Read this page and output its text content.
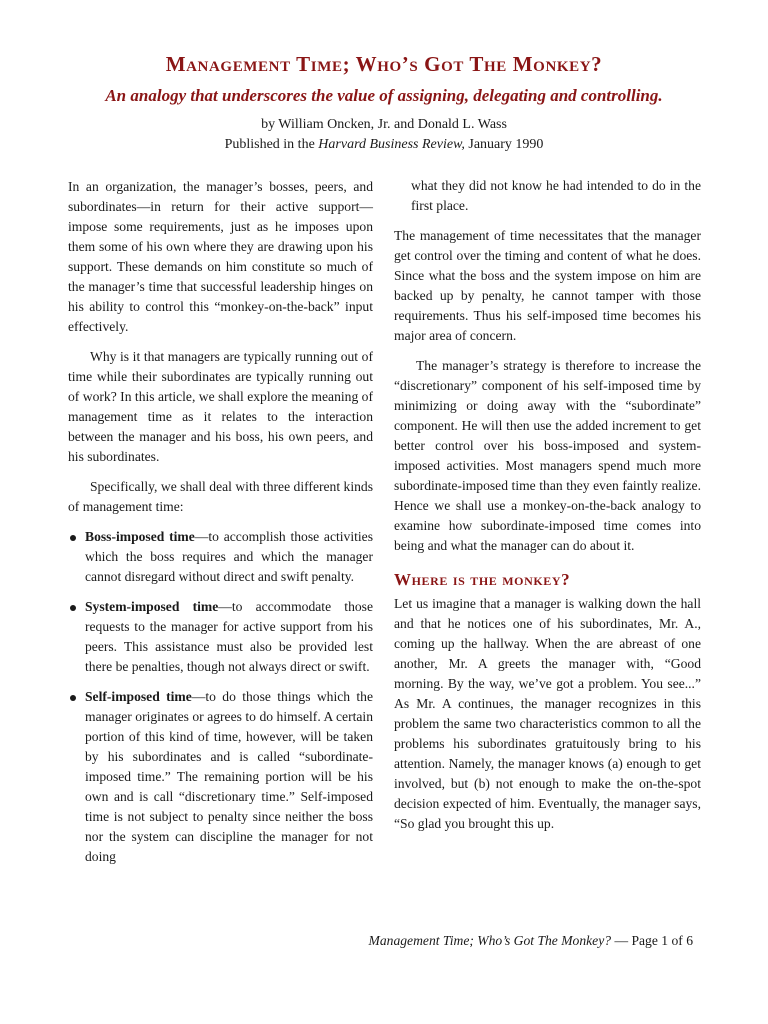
Management Time; Who’s Got The Monkey?
An analogy that underscores the value of assigning, delegating and controlling.
by William Oncken, Jr. and Donald L. Wass
Published in the Harvard Business Review, January 1990

In an organization, the manager’s bosses, peers, and subordinates—in return for their active support—impose some requirements, just as he imposes upon them some of his own where they are drawing upon his support. These demands on him constitute so much of the manager’s time that successful leadership hinges on his ability to control this “monkey-on-the-back” input effectively.

Why is it that managers are typically running out of time while their subordinates are typically running out of work? In this article, we shall explore the meaning of management time as it relates to the interaction between the manager and his boss, his own peers, and his subordinates.

Specifically, we shall deal with three different kinds of management time:

Boss-imposed time—to accomplish those activities which the boss requires and which the manager cannot disregard without direct and swift penalty.
System-imposed time—to accommodate those requests to the manager for active support from his peers. This assistance must also be provided lest there be penalties, though not always direct or swift.
Self-imposed time—to do those things which the manager originates or agrees to do himself. A certain portion of this kind of time, however, will be taken by his subordinates and is called “subordinate-imposed time.” The remaining portion will be his own and is call “discretionary time.” Self-imposed time is not subject to penalty since neither the boss nor the system can discipline the manager for not doing

what they did not know he had intended to do in the first place.

The management of time necessitates that the manager get control over the timing and content of what he does. Since what the boss and the system impose on him are backed up by penalty, he cannot tamper with those requirements. Thus his self-imposed time becomes his major area of concern.

The manager’s strategy is therefore to increase the “discretionary” component of his self-imposed time by minimizing or doing away with the “subordinate” component. He will then use the added increment to get better control over his boss-imposed and system-imposed activities. Most managers spend much more subordinate-imposed time than they even faintly realize. Hence we shall use a monkey-on-the-back analogy to examine how subordinate-imposed time comes into being and what the manager can do about it.

Where is the monkey?

Let us imagine that a manager is walking down the hall and that he notices one of his subordinates, Mr. A., coming up the hallway. When the are abreast of one another, Mr. A greets the manager with, “Good morning. By the way, we’ve got a problem. You see...” As Mr. A continues, the manager recognizes in this problem the same two characteristics common to all the problems his subordinates gratuitously bring to his attention. Namely, the manager knows (a) enough to get involved, but (b) not enough to make the on-the-spot decision expected of him. Eventually, the manager says, “So glad you brought this up.

Management Time; Who’s Got The Monkey? — Page 1 of 6
